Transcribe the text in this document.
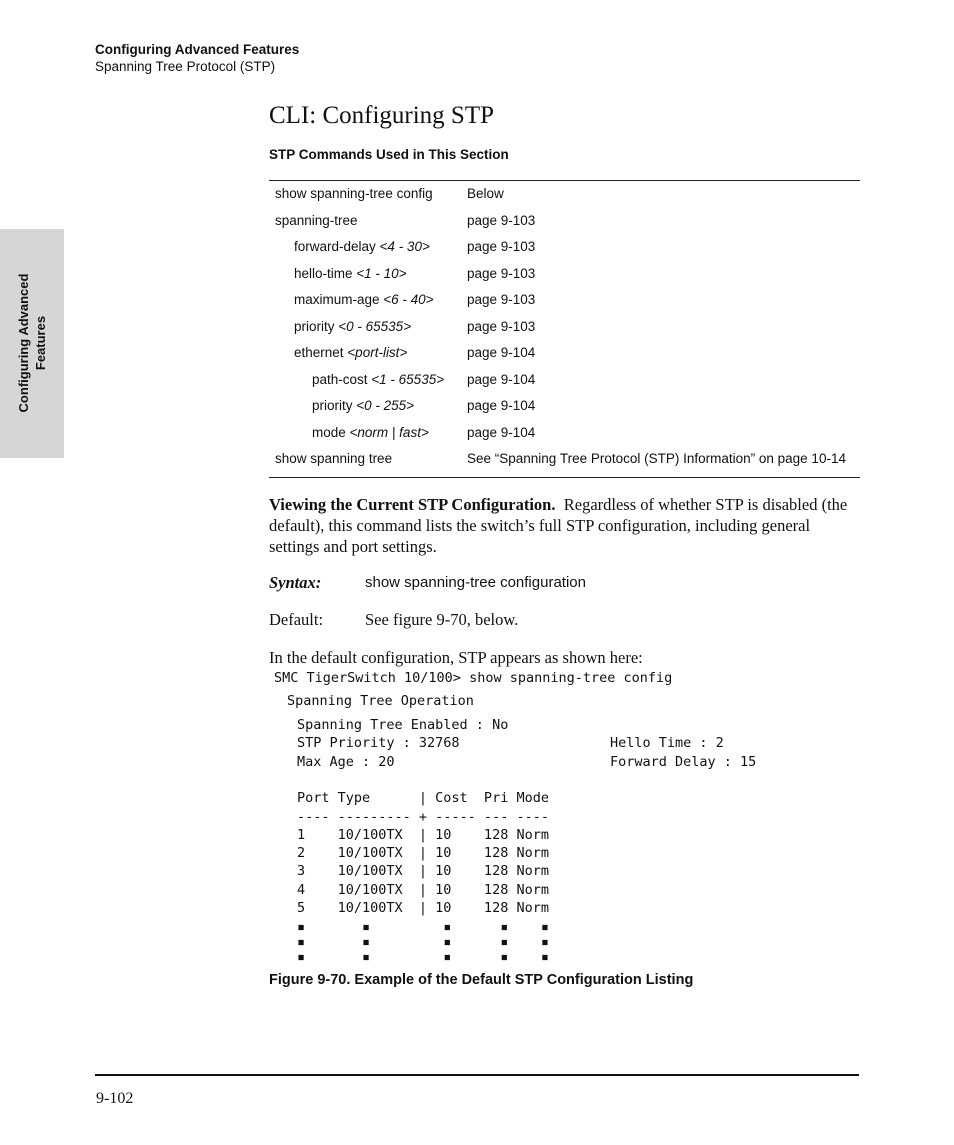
Configuring Advanced Features
Spanning Tree Protocol (STP)
Configuring Advanced Features
CLI: Configuring STP
STP Commands Used in This Section
show spanning-tree config	Below
spanning-tree	page 9-103
forward-delay <4 - 30>	page 9-103
hello-time <1 - 10>	page 9-103
maximum-age <6 - 40> page 9-103
priority <0 - 65535>	page 9-103
ethernet <port-list>	page 9-104
path-cost <1 - 65535> page 9-104
priority <0 - 255>	page 9-104
mode <norm | fast>	page 9-104
show spanning tree	See “Spanning Tree Protocol (STP) Information” on page 10-14
Viewing the Current STP Configuration. Regardless of whether STP is disabled (the default), this command lists the switch’s full STP configuration, including general settings and port settings.
Syntax:	show spanning-tree configuration
Default:	See figure 9-70, below.
In the default configuration, STP appears as shown here:
SMC TigerSwitch 10/100> show spanning-tree config
Spanning Tree Operation
Spanning Tree Enabled : No
STP Priority : 32768	Hello Time : 2
Max Age : 20	Forward Delay : 15
Port Type      | Cost  Pri Mode
---- --------- + ----- --- ----
1    10/100TX  | 10    128 Norm
2    10/100TX  | 10    128 Norm
3    10/100TX  | 10    128 Norm
4    10/100TX  | 10    128 Norm
5    10/100TX  | 10    128 Norm
▪       ▪         ▪      ▪    ▪
▪       ▪         ▪      ▪    ▪
▪       ▪         ▪      ▪    ▪
Figure 9-70. Example of the Default STP Configuration Listing
9-102
